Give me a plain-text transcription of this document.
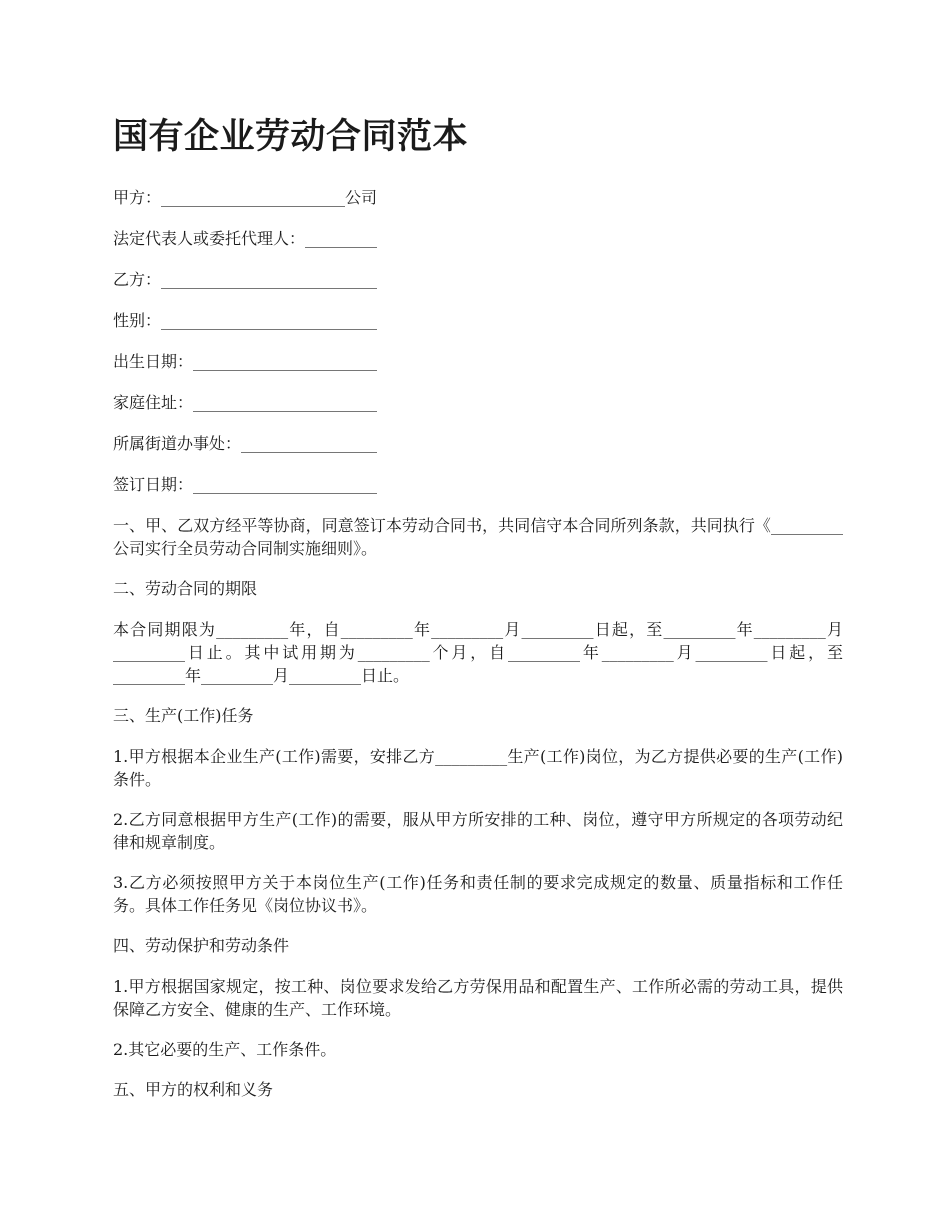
国有企业劳动合同范本
甲方：_______________________公司
法定代表人或委托代理人：_________
乙方：___________________________
性别：___________________________
出生日期：_______________________
家庭住址：_______________________
所属街道办事处：_________________
签订日期：_______________________

一、甲、乙双方经平等协商，同意签订本劳动合同书，共同信守本合同所列条款，共同执行《_________公司实行全员劳动合同制实施细则》。

二、劳动合同的期限

本合同期限为_________年，自_________年_________月_________日起，至_________年_________月_________日止。其中试用期为_________个月，自_________年_________月_________日起，至_________年_________月_________日止。

三、生产(工作)任务

1.甲方根据本企业生产(工作)需要，安排乙方_________生产(工作)岗位，为乙方提供必要的生产(工作)条件。

2.乙方同意根据甲方生产(工作)的需要，服从甲方所安排的工种、岗位，遵守甲方所规定的各项劳动纪律和规章制度。

3.乙方必须按照甲方关于本岗位生产(工作)任务和责任制的要求完成规定的数量、质量指标和工作任务。具体工作任务见《岗位协议书》。

四、劳动保护和劳动条件

1.甲方根据国家规定，按工种、岗位要求发给乙方劳保用品和配置生产、工作所必需的劳动工具，提供保障乙方安全、健康的生产、工作环境。

2.其它必要的生产、工作条件。

五、甲方的权利和义务
